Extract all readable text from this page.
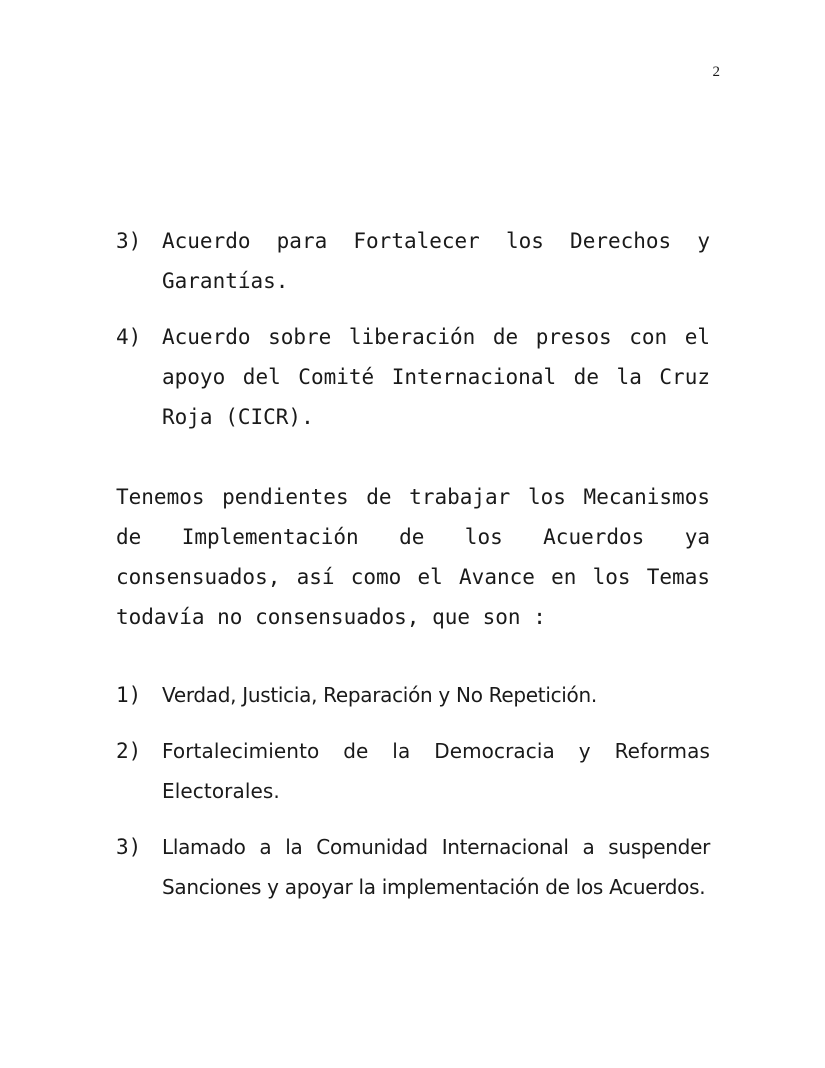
2
3) Acuerdo para Fortalecer los Derechos y Garantías.
4) Acuerdo sobre liberación de presos con el apoyo del Comité Internacional de la Cruz Roja (CICR).
Tenemos pendientes de trabajar los Mecanismos de Implementación de los Acuerdos ya consensuados, así como el Avance en los Temas todavía no consensuados, que son :
1)	Verdad, Justicia, Reparación y No Repetición.
2)	Fortalecimiento de la Democracia y Reformas Electorales.
3)	Llamado a la Comunidad Internacional a suspender Sanciones y apoyar la implementación de los Acuerdos.
